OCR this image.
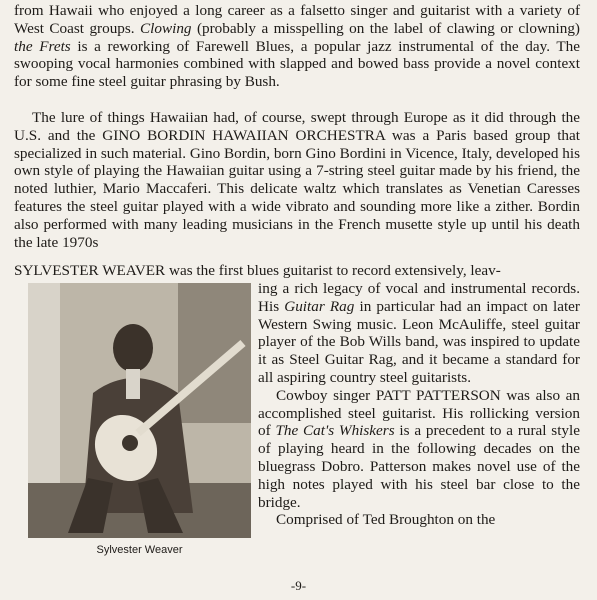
from Hawaii who enjoyed a long career as a falsetto singer and guitarist with a variety of West Coast groups. Clowing (probably a misspelling on the label of clawing or clowning) the Frets is a reworking of Farewell Blues, a popular jazz instrumental of the day. The swooping vocal harmonies combined with slapped and bowed bass provide a novel context for some fine steel guitar phrasing by Bush.

The lure of things Hawaiian had, of course, swept through Europe as it did through the U.S. and the GINO BORDIN HAWAIIAN ORCHESTRA was a Paris based group that specialized in such material. Gino Bordin, born Gino Bordini in Vicence, Italy, developed his own style of playing the Hawaiian guitar using a 7-string steel guitar made by his friend, the noted luthier, Mario Maccaferi. This delicate waltz which translates as Venetian Caresses features the steel guitar played with a wide vibrato and sounding more like a zither. Bordin also performed with many leading musicians in the French musette style up until his death the late 1970s

SYLVESTER WEAVER was the first blues guitarist to record extensively, leav-
Sylvester Weaver

ing a rich legacy of vocal and instrumental records. His Guitar Rag in particular had an impact on later Western Swing music. Leon McAuliffe, steel guitar player of the Bob Wills band, was inspired to update it as Steel Guitar Rag, and it became a standard for all aspiring country steel guitarists.

Cowboy singer PATT PATTERSON was also an accomplished steel guitarist. His rollicking version of The Cat's Whiskers is a precedent to a rural style of playing heard in the following decades on the bluegrass Dobro. Patterson makes novel use of the high notes played with his steel bar close to the bridge.

Comprised of Ted Broughton on the

-9-
